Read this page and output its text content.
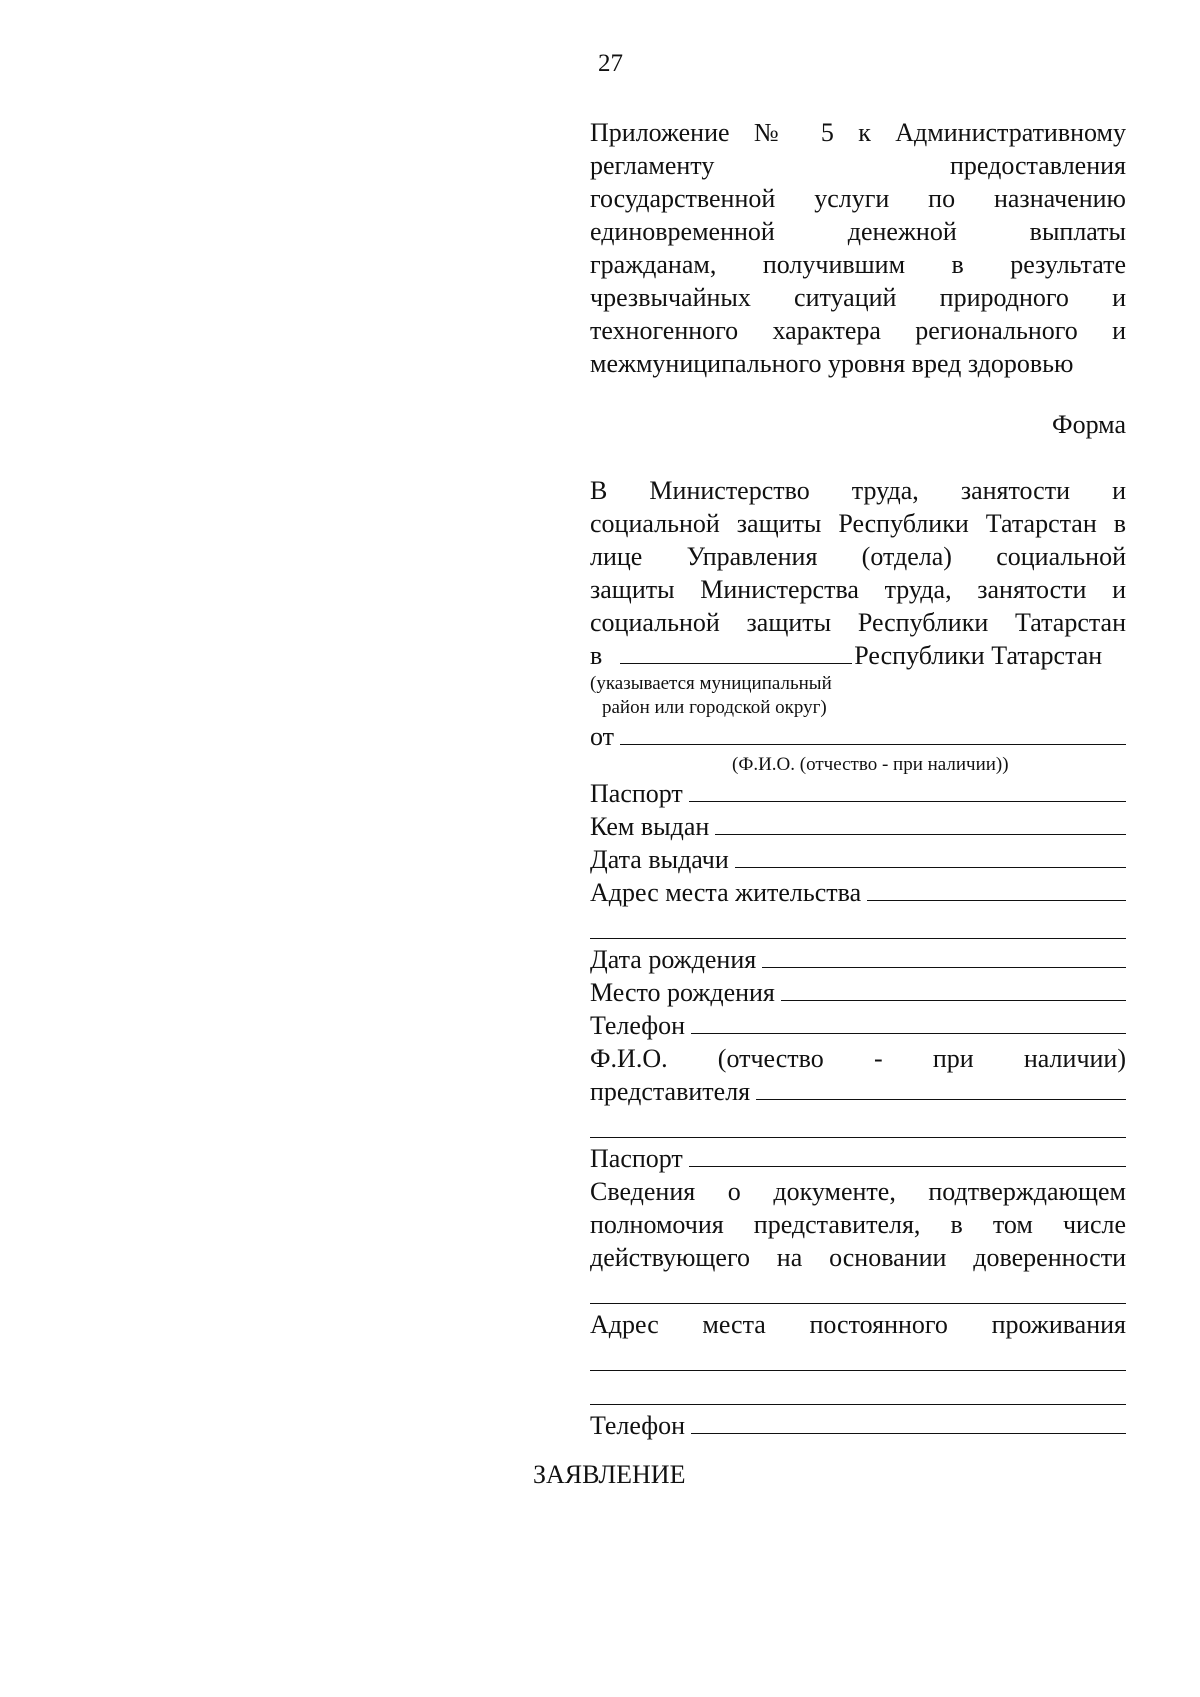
27
Приложение № 5 к Административному
регламенту предоставления
государственной услуги по назначению
единовременной денежной выплаты
гражданам, получившим в результате
чрезвычайных ситуаций природного и
техногенного характера регионального и
межмуниципального уровня вред здоровью
Форма
В Министерство труда, занятости и
социальной защиты Республики Татарстан в
лице Управления (отдела) социальной
защиты Министерства труда, занятости и
социальной защиты Республики Татарстан
в	Республики Татарстан
(указывается муниципальный
район или городской округ)
от
(Ф.И.О. (отчество - при наличии))
Паспорт
Кем выдан
Дата выдачи
Адрес места жительства
Дата рождения
Место рождения
Телефон
Ф.И.О. (отчество - при наличии)
представителя
Паспорт
Сведения о документе, подтверждающем
полномочия представителя, в том числе
действующего на основании доверенности
Адрес места постоянного проживания
Телефон
ЗАЯВЛЕНИЕ
